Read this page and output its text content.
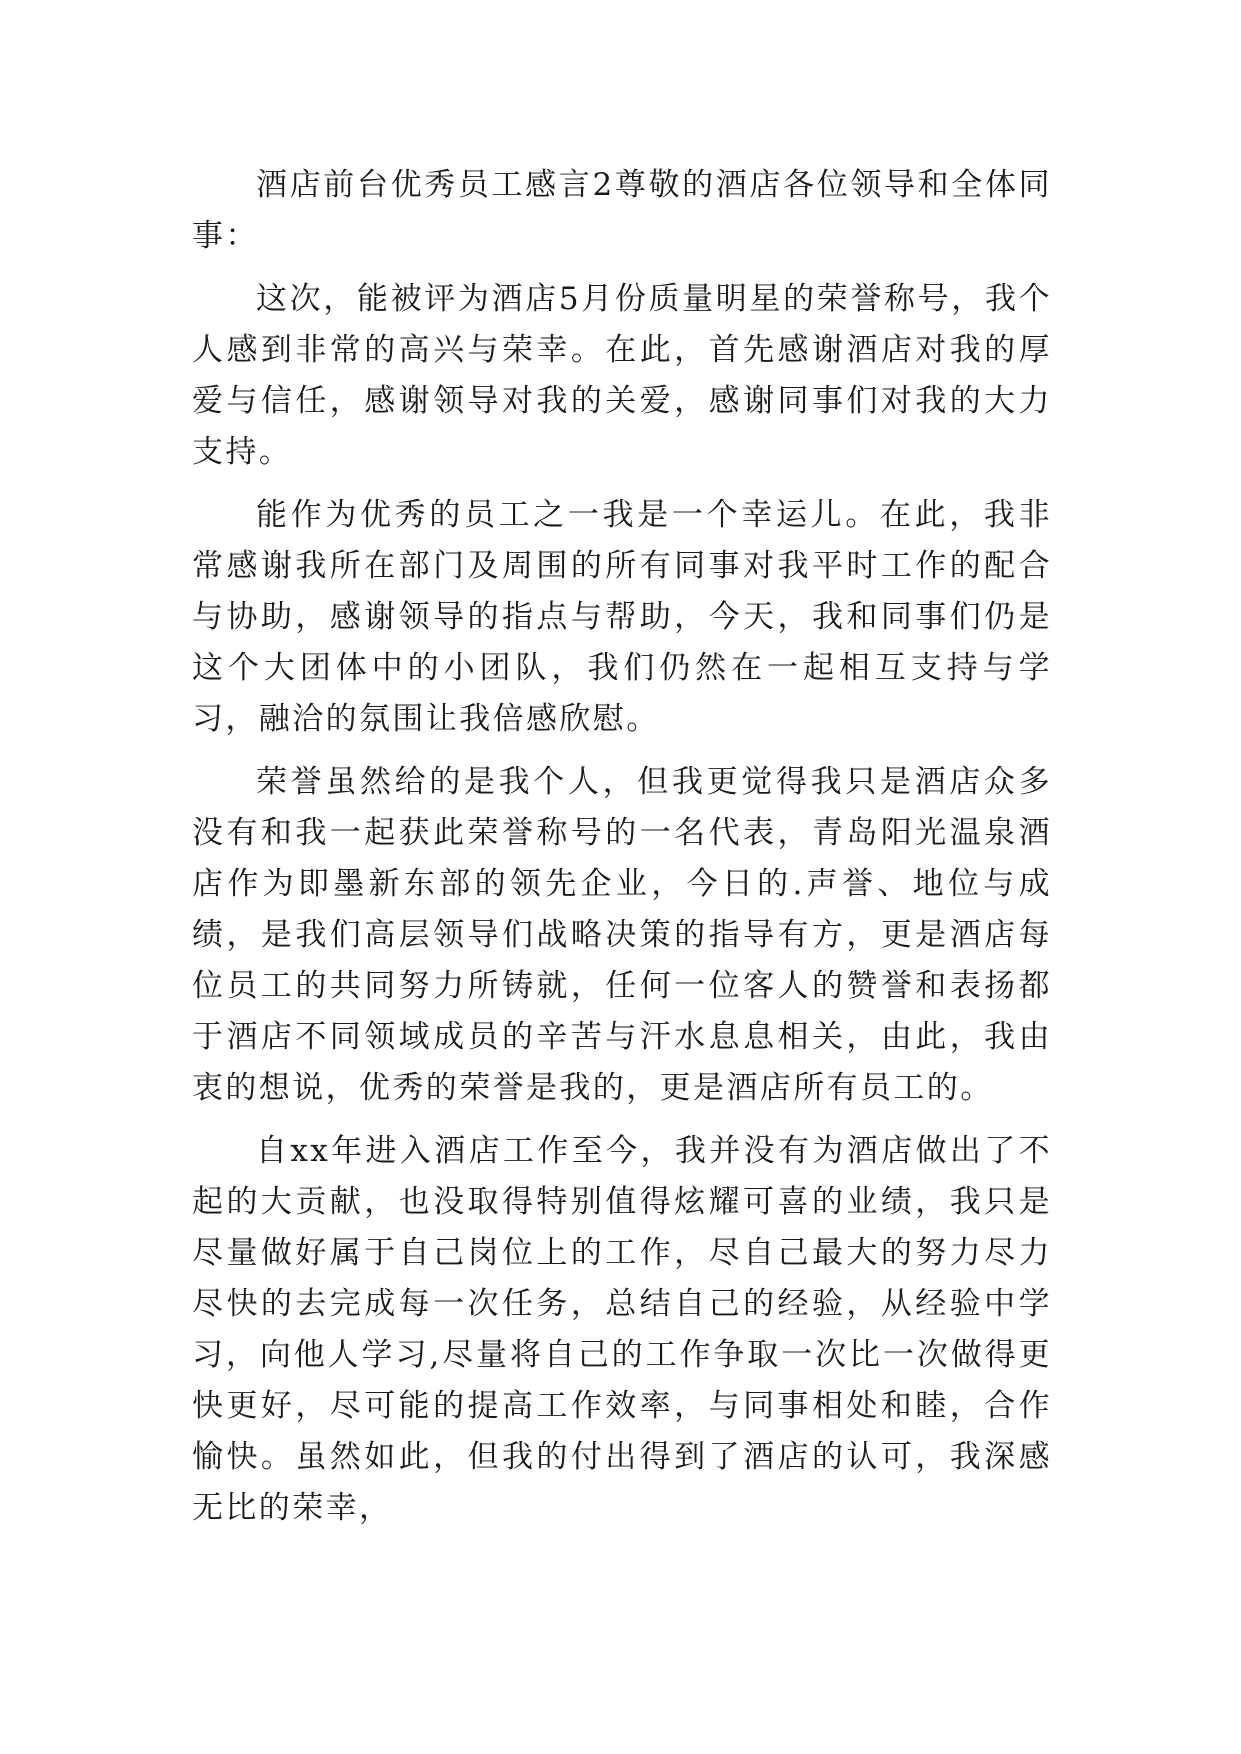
酒店前台优秀员工感言2尊敬的酒店各位领导和全体同事：

这次，能被评为酒店5月份质量明星的荣誉称号，我个人感到非常的高兴与荣幸。在此，首先感谢酒店对我的厚爱与信任，感谢领导对我的关爱，感谢同事们对我的大力支持。

能作为优秀的员工之一我是一个幸运儿。在此，我非常感谢我所在部门及周围的所有同事对我平时工作的配合与协助，感谢领导的指点与帮助，今天，我和同事们仍是这个大团体中的小团队，我们仍然在一起相互支持与学习，融洽的氛围让我倍感欣慰。

荣誉虽然给的是我个人，但我更觉得我只是酒店众多没有和我一起获此荣誉称号的一名代表，青岛阳光温泉酒店作为即墨新东部的领先企业，今日的.声誉、地位与成绩，是我们高层领导们战略决策的指导有方，更是酒店每位员工的共同努力所铸就，任何一位客人的赞誉和表扬都于酒店不同领域成员的辛苦与汗水息息相关，由此，我由衷的想说，优秀的荣誉是我的，更是酒店所有员工的。

自xx年进入酒店工作至今，我并没有为酒店做出了不起的大贡献，也没取得特别值得炫耀可喜的业绩，我只是尽量做好属于自己岗位上的工作，尽自己最大的努力尽力尽快的去完成每一次任务，总结自己的经验，从经验中学习，向他人学习,尽量将自己的工作争取一次比一次做得更快更好，尽可能的提高工作效率，与同事相处和睦，合作愉快。虽然如此，但我的付出得到了酒店的认可，我深感无比的荣幸，
